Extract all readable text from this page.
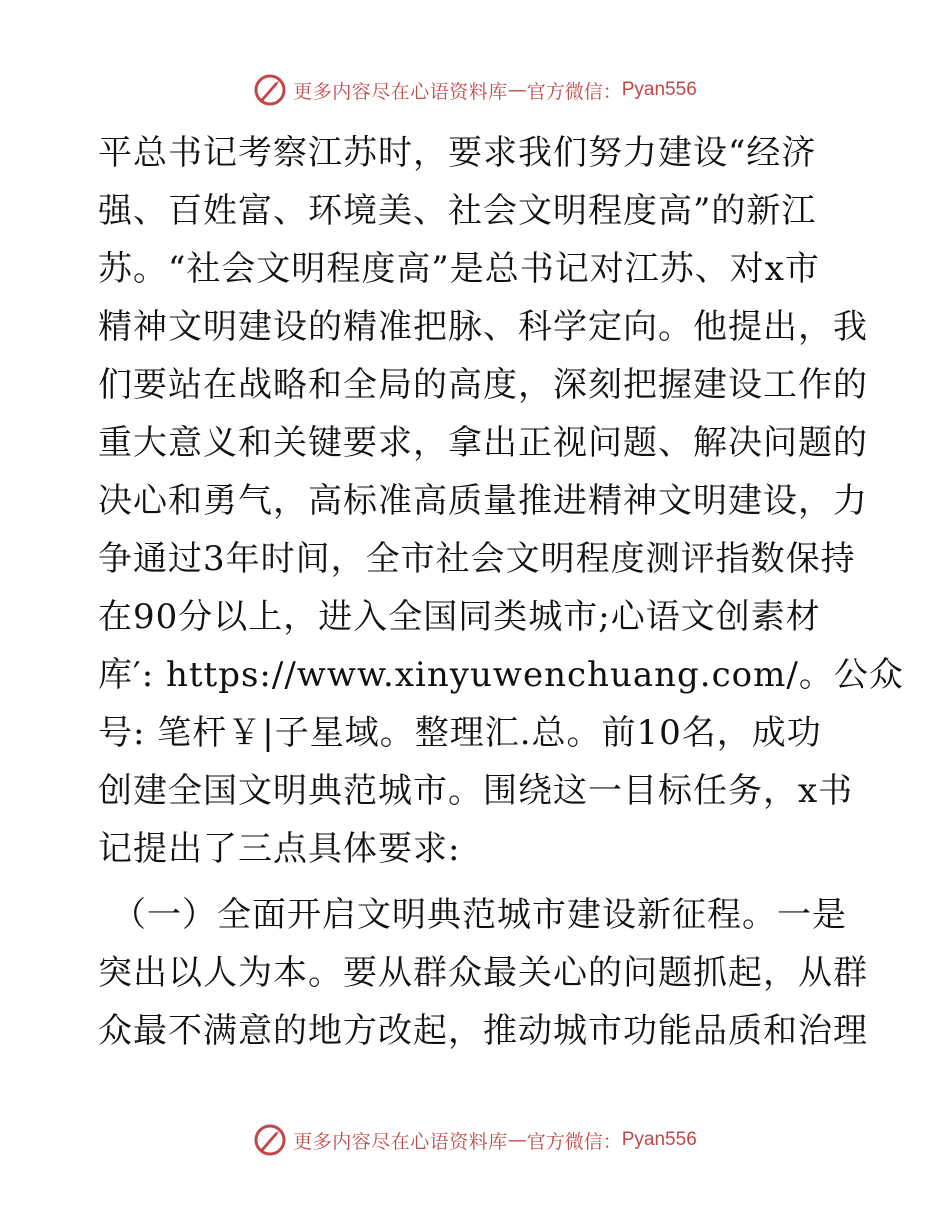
更多内容尽在心语资料库 — 官方微信： Pyan556
平总书记考察江苏时，要求我们努力建设“经济
强、百姓富、环境美、社会文明程度高”的新江
苏。“社会文明程度高”是总书记对江苏、对x市
精神文明建设的精准把脉、科学定向。他提出，我
们要站在战略和全局的高度，深刻把握建设工作的
重大意义和关键要求，拿出正视问题、解决问题的
决心和勇气，高标准高质量推进精神文明建设，力
争通过3年时间，全市社会文明程度测评指数保持
在90分以上，进入全国同类城市;心语文创素材
库′: https://www.xinyuwenchuang.com/。公众
号: 笔杆￥|子星域。整理汇.总。前10名，成功
创建全国文明典范城市。围绕这一目标任务，x书
记提出了三点具体要求:
（一）全面开启文明典范城市建设新征程。一是
突出以人为本。要从群众最关心的问题抓起，从群
众最不满意的地方改起，推动城市功能品质和治理
更多内容尽在心语资料库 — 官方微信： Pyan556
